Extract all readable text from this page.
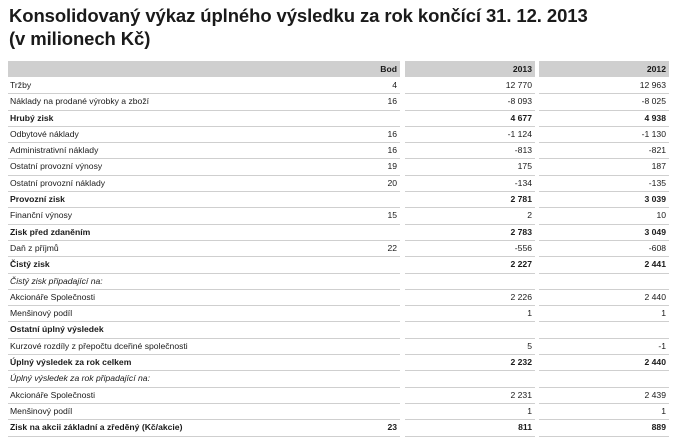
Konsolidovaný výkaz úplného výsledku za rok končící 31. 12. 2013
(v milionech Kč)
	Bod		2013		2012
Tržby	4		12 770		12 963
Náklady na prodané výrobky a zboží	16		-8 093		-8 025
Hrubý zisk			4 677		4 938
Odbytové náklady	16		-1 124		-1 130
Administrativní náklady	16		-813		-821
Ostatní provozní výnosy	19		175		187
Ostatní provozní náklady	20		-134		-135
Provozní zisk			2 781		3 039
Finanční výnosy	15		2		10
Zisk před zdaněním			2 783		3 049
Daň z příjmů	22		-556		-608
Čistý zisk			2 227		2 441
Čistý zisk připadající na:					
Akcionáře Společnosti			2 226		2 440
Menšinový podíl			1		1
Ostatní úplný výsledek					
Kurzové rozdíly z přepočtu dceřiné společnosti			5		-1
Úplný výsledek za rok celkem			2 232		2 440
Úplný výsledek za rok připadající na:					
Akcionáře Společnosti			2 231		2 439
Menšinový podíl			1		1
Zisk na akcii základní a zředěný (Kč/akcie)	23		811		889
